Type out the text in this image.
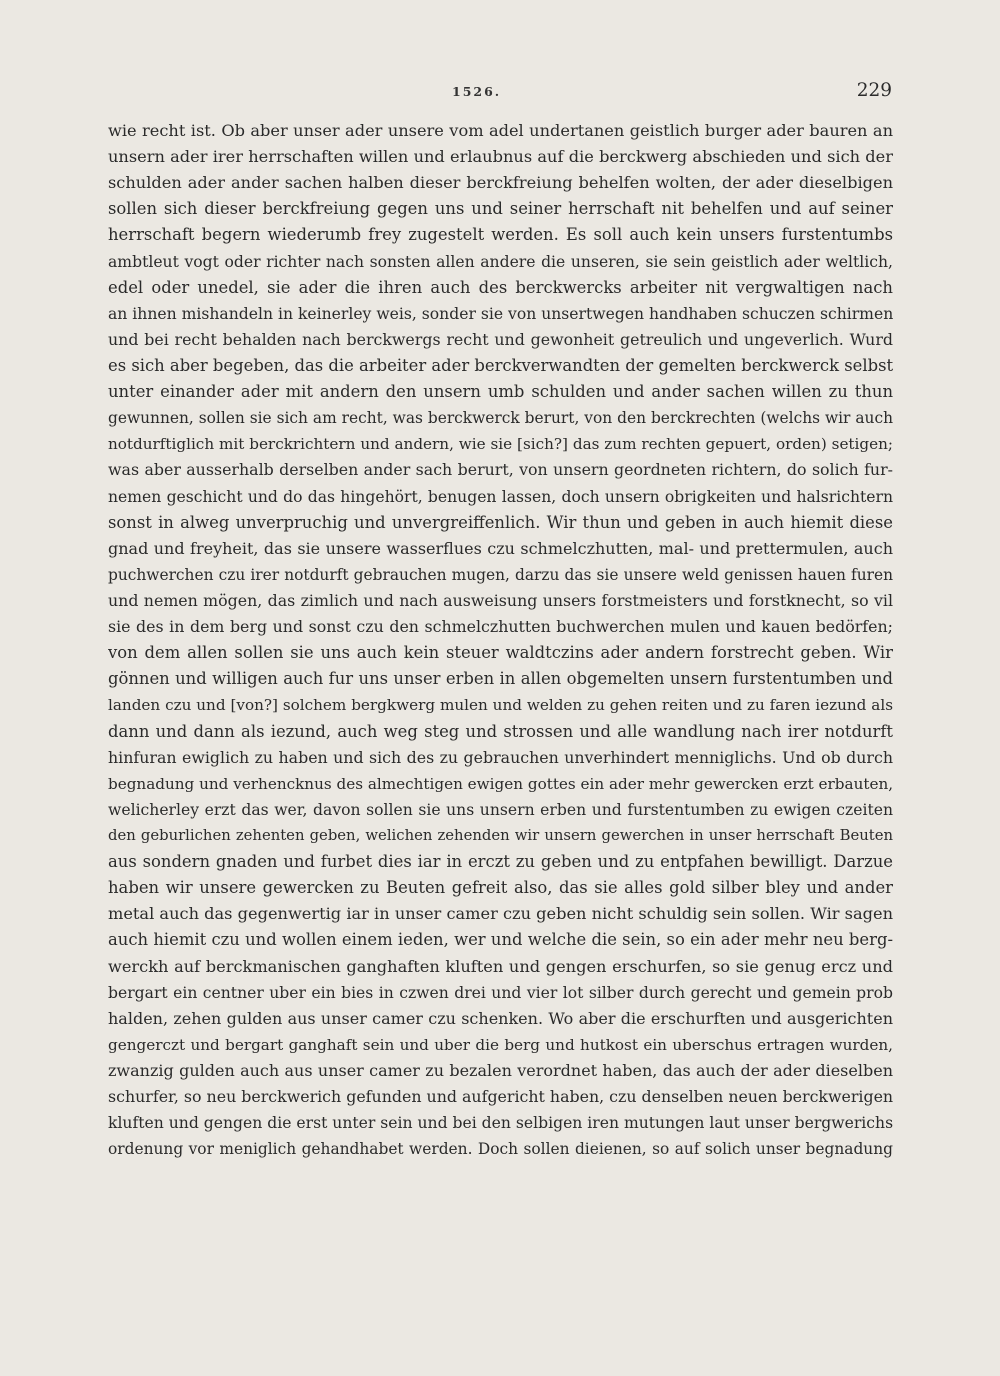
1526.	229
wie recht ist. Ob aber unser ader unsere vom adel undertanen geistlich burger ader bauren an
unsern ader irer herrschaften willen und erlaubnus auf die berckwerg abschieden und sich der
schulden ader ander sachen halben dieser berckfreiung behelfen wolten, der ader dieselbigen
sollen sich dieser berckfreiung gegen uns und seiner herrschaft nit behelfen und auf seiner
herrschaft begern wiederumb frey zugestelt werden. Es soll auch kein unsers furstentumbs
ambtleut vogt oder richter nach sonsten allen andere die unseren, sie sein geistlich ader weltlich,
edel oder unedel, sie ader die ihren auch des berckwercks arbeiter nit vergwaltigen nach
an ihnen mishandeln in keinerley weis, sonder sie von unsertwegen handhaben schuczen schirmen
und bei recht behalden nach berckwergs recht und gewonheit getreulich und ungeverlich. Wurd
es sich aber begeben, das die arbeiter ader berckverwandten der gemelten berckwerck selbst
unter einander ader mit andern den unsern umb schulden und ander sachen willen zu thun
gewunnen, sollen sie sich am recht, was berckwerck berurt, von den berckrechten (welchs wir auch
notdurftiglich mit berckrichtern und andern, wie sie [sich?] das zum rechten gepuert, orden) setigen;
was aber ausserhalb derselben ander sach berurt, von unsern geordneten richtern, do solich fur-
nemen geschicht und do das hingehört, benugen lassen, doch unsern obrigkeiten und halsrichtern
sonst in alweg unverpruchig und unvergreiffenlich. Wir thun und geben in auch hiemit diese
gnad und freyheit, das sie unsere wasserflues czu schmelczhutten, mal- und prettermulen, auch
puchwerchen czu irer notdurft gebrauchen mugen, darzu das sie unsere weld genissen hauen furen
und nemen mögen, das zimlich und nach ausweisung unsers forstmeisters und forstknecht, so vil
sie des in dem berg und sonst czu den schmelczhutten buchwerchen mulen und kauen bedörfen;
von dem allen sollen sie uns auch kein steuer waldtczins ader andern forstrecht geben. Wir
gönnen und willigen auch fur uns unser erben in allen obgemelten unsern furstentumben und
landen czu und [von?] solchem bergkwerg mulen und welden zu gehen reiten und zu faren iezund als
dann und dann als iezund, auch weg steg und strossen und alle wandlung nach irer notdurft
hinfuran ewiglich zu haben und sich des zu gebrauchen unverhindert menniglichs. Und ob durch
begnadung und verhencknus des almechtigen ewigen gottes ein ader mehr gewercken erzt erbauten,
welicherley erzt das wer, davon sollen sie uns unsern erben und furstentumben zu ewigen czeiten
den geburlichen zehenten geben, welichen zehenden wir unsern gewerchen in unser herrschaft Beuten
aus sondern gnaden und furbet dies iar in erczt zu geben und zu entpfahen bewilligt. Darzue
haben wir unsere gewercken zu Beuten gefreit also, das sie alles gold silber bley und ander
metal auch das gegenwertig iar in unser camer czu geben nicht schuldig sein sollen. Wir sagen
auch hiemit czu und wollen einem ieden, wer und welche die sein, so ein ader mehr neu berg-
werckh auf berckmanischen ganghaften kluften und gengen erschurfen, so sie genug ercz und
bergart ein centner uber ein bies in czwen drei und vier lot silber durch gerecht und gemein prob
halden, zehen gulden aus unser camer czu schenken. Wo aber die erschurften und ausgerichten
gengerczt und bergart ganghaft sein und uber die berg und hutkost ein uberschus ertragen wurden,
zwanzig gulden auch aus unser camer zu bezalen verordnet haben, das auch der ader dieselben
schurfer, so neu berckwerich gefunden und aufgericht haben, czu denselben neuen berckwerigen
kluften und gengen die erst unter sein und bei den selbigen iren mutungen laut unser bergwerichs
ordenung vor meniglich gehandhabet werden. Doch sollen dieienen, so auf solich unser begnadung
